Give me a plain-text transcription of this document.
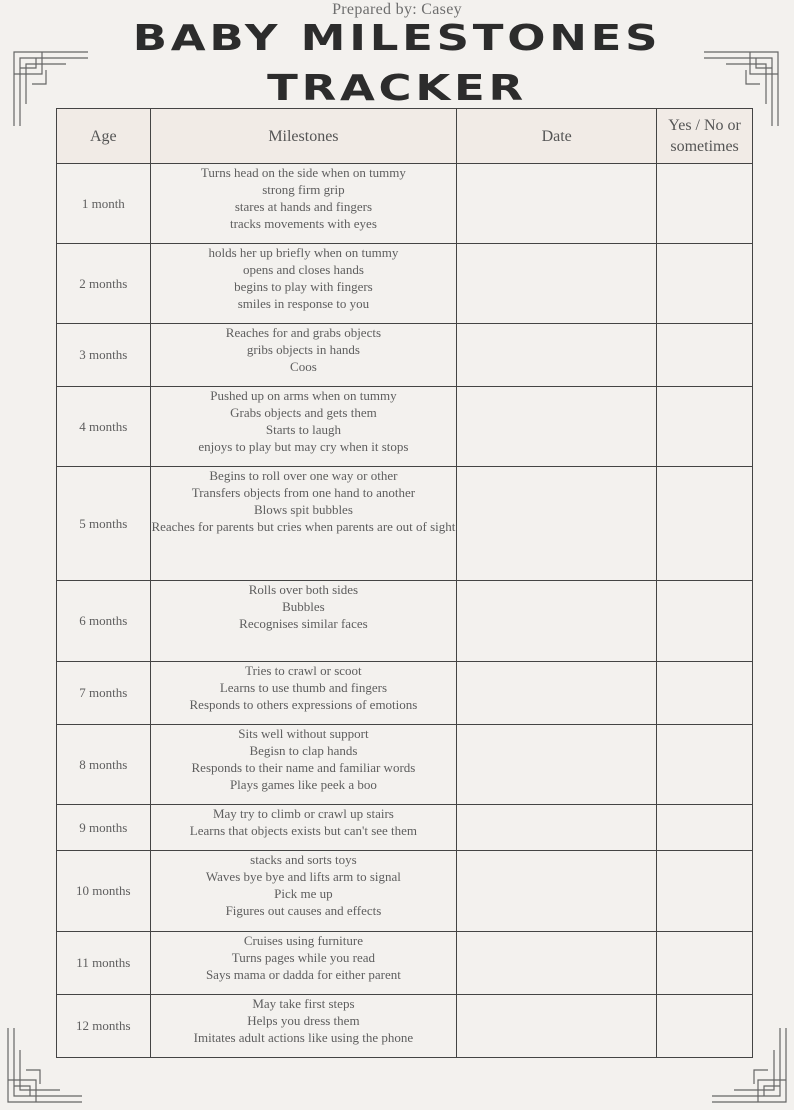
Prepared by: Casey
BABY MILESTONES
TRACKER
Age	Milestones	Date	Yes / No or sometimes
1 month	Turns head on the side when on tummy
strong firm grip
stares at hands and fingers
tracks movements with eyes		

2 months	holds her up briefly when on tummy
opens and closes hands
begins to play with fingers
smiles in response to you		

3 months	Reaches for and grabs objects
gribs objects in hands
Coos		

4 months	Pushed up on arms when on tummy
Grabs objects and gets them
Starts to laugh
enjoys to play but may cry when it stops		

5 months	Begins to roll over one way or other
Transfers objects from one hand to another
Blows spit bubbles
Reaches for parents but cries when parents are out of sight		

6 months	Rolls over both sides
Bubbles
Recognises similar faces		

7 months	Tries to crawl or scoot
Learns to use thumb and fingers
Responds to others expressions of emotions		

8 months	Sits well without support
Begisn to clap hands
Responds to their name and familiar words
Plays games like peek a boo		

9 months	May try to climb or crawl up stairs
Learns that objects exists but can't see them		

10 months	stacks and sorts toys
Waves bye bye and lifts arm to signal
Pick me up
Figures out causes and effects		

11 months	Cruises using furniture
Turns pages while you read
Says mama or dadda for either parent		

12 months	May take first steps
Helps you dress them
Imitates adult actions like using the phone		
